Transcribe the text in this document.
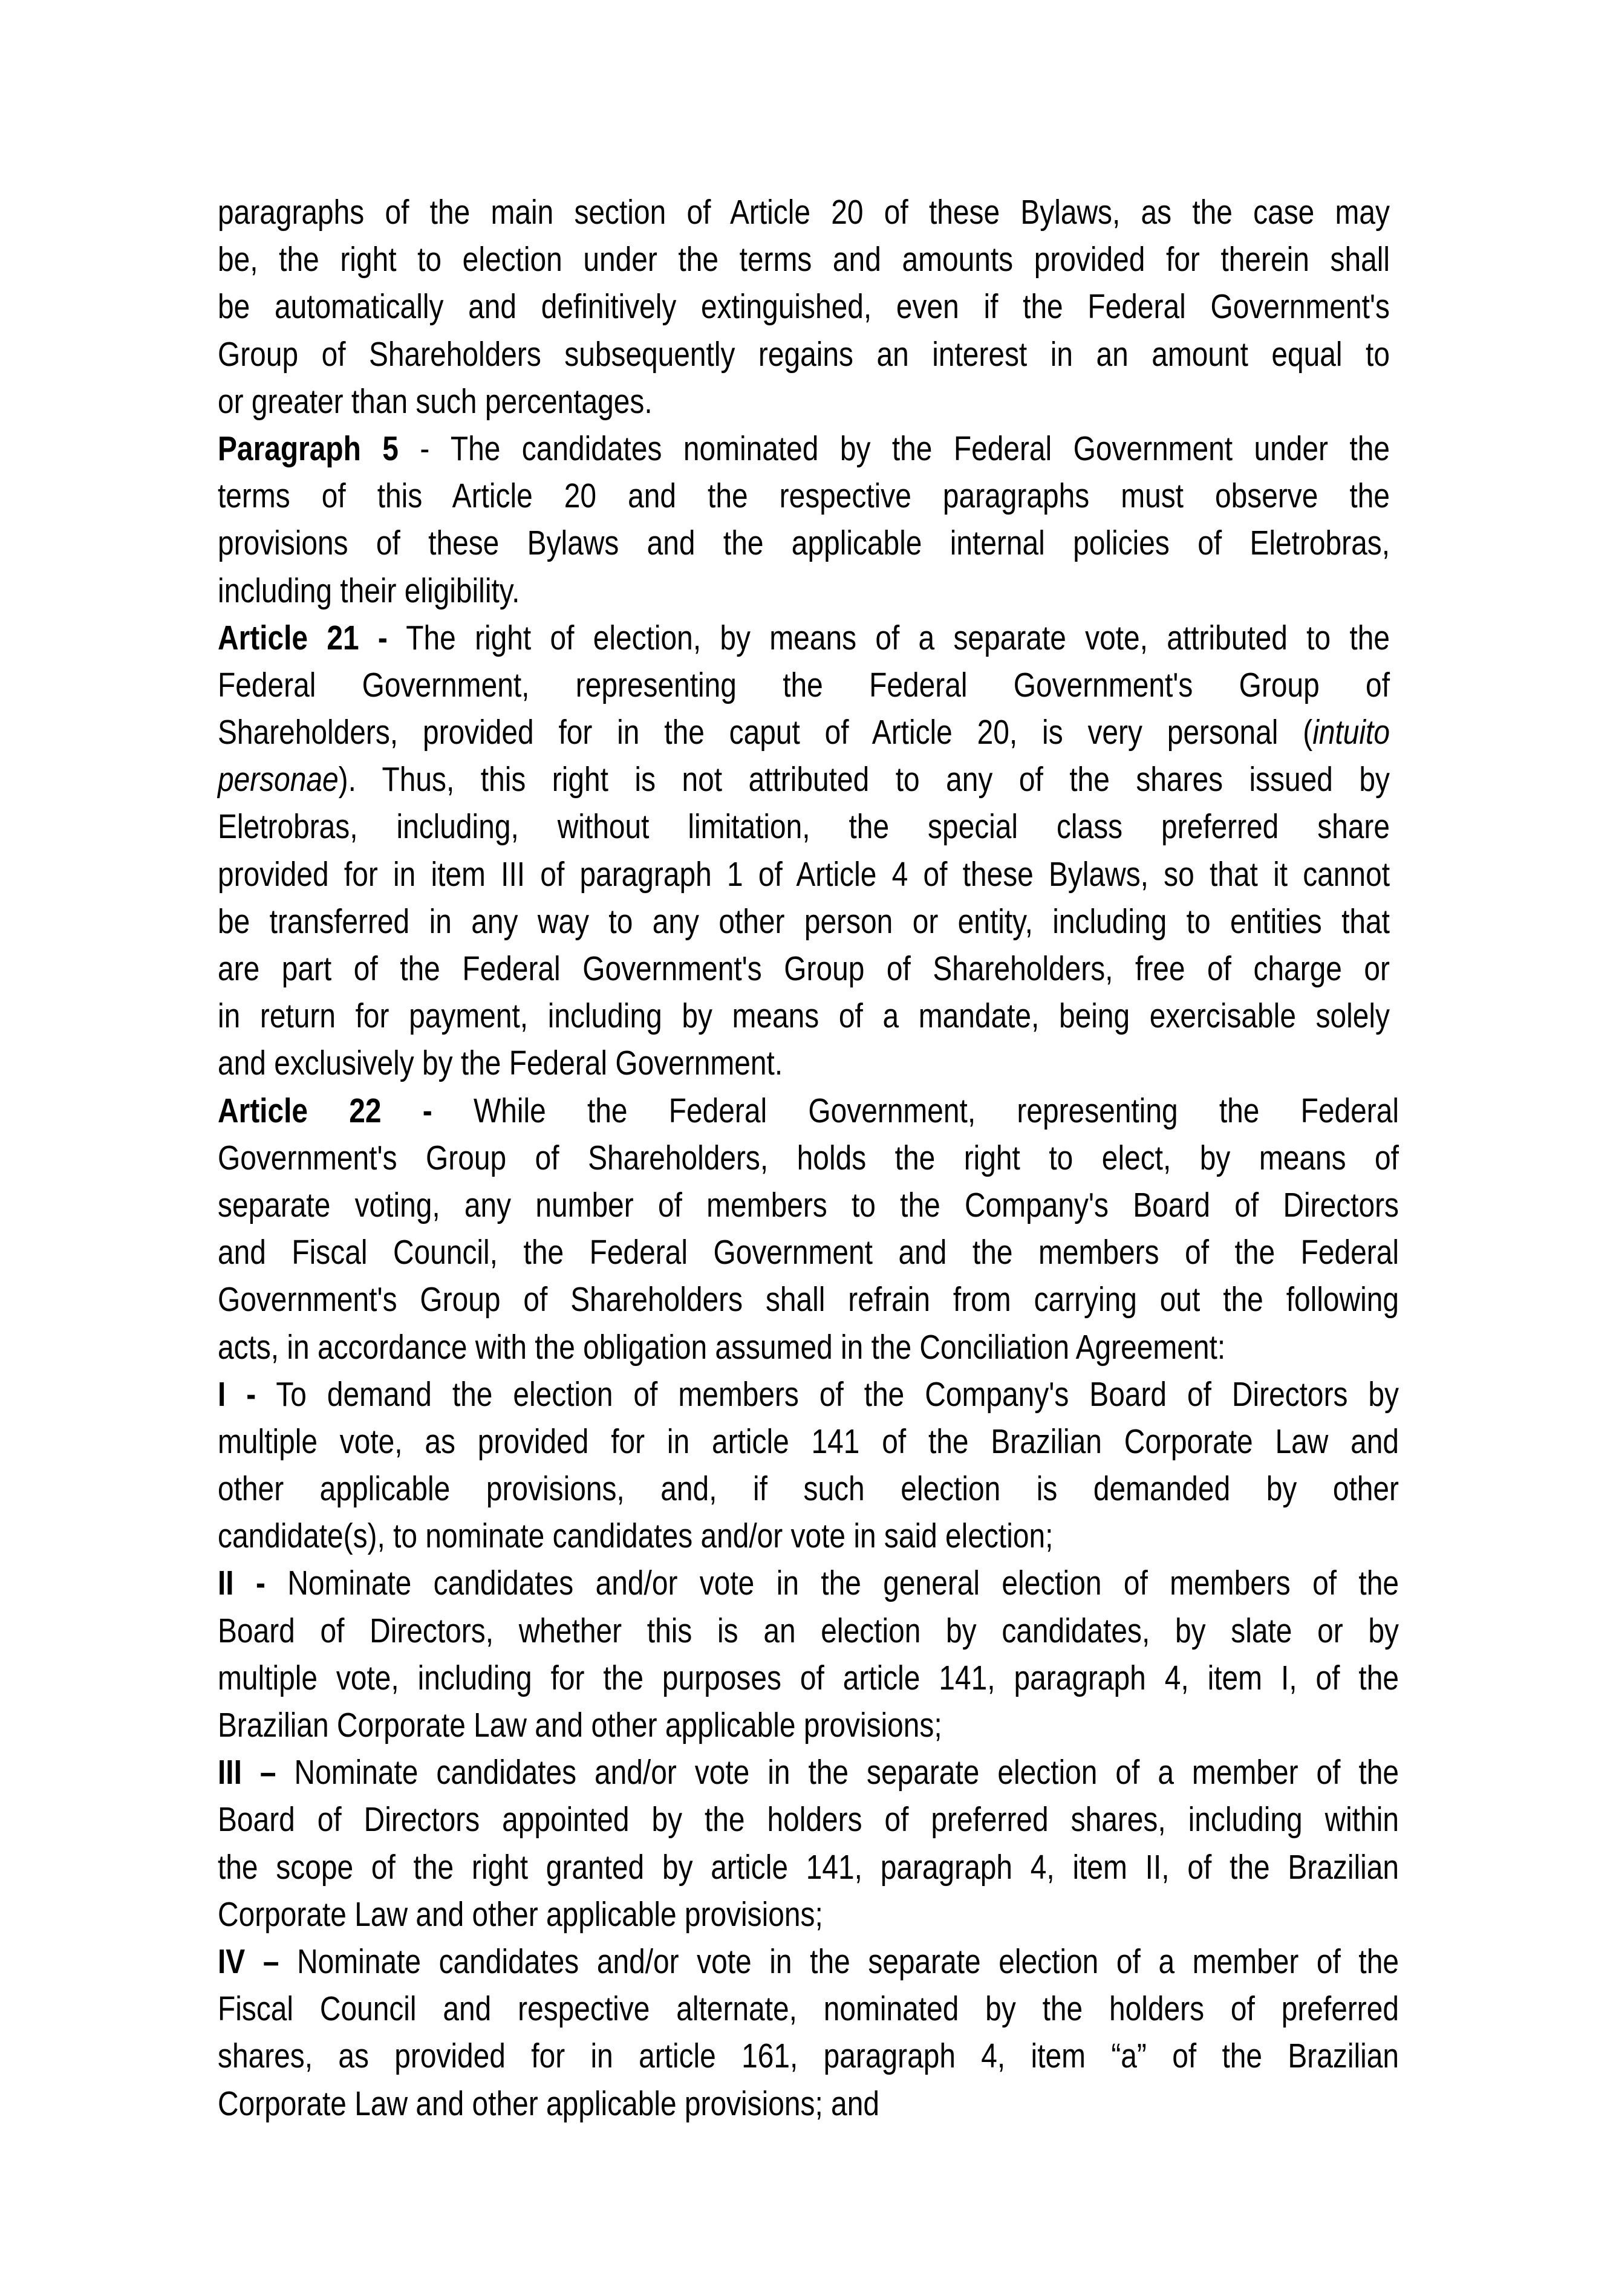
paragraphs of the main section of Article 20 of these Bylaws, as the case may
be, the right to election under the terms and amounts provided for therein shall
be automatically and definitively extinguished, even if the Federal Government's
Group of Shareholders subsequently regains an interest in an amount equal to
or greater than such percentages.
Paragraph 5 - The candidates nominated by the Federal Government under the
terms of this Article 20 and the respective paragraphs must observe the
provisions of these Bylaws and the applicable internal policies of Eletrobras,
including their eligibility.
Article 21 - The right of election, by means of a separate vote, attributed to the
Federal Government, representing the Federal Government's Group of
Shareholders, provided for in the caput of Article 20, is very personal (intuito
personae). Thus, this right is not attributed to any of the shares issued by
Eletrobras, including, without limitation, the special class preferred share
provided for in item III of paragraph 1 of Article 4 of these Bylaws, so that it cannot
be transferred in any way to any other person or entity, including to entities that
are part of the Federal Government's Group of Shareholders, free of charge or
in return for payment, including by means of a mandate, being exercisable solely
and exclusively by the Federal Government.
Article 22 - While the Federal Government, representing the Federal
Government's Group of Shareholders, holds the right to elect, by means of
separate voting, any number of members to the Company's Board of Directors
and Fiscal Council, the Federal Government and the members of the Federal
Government's Group of Shareholders shall refrain from carrying out the following
acts, in accordance with the obligation assumed in the Conciliation Agreement:
I - To demand the election of members of the Company's Board of Directors by
multiple vote, as provided for in article 141 of the Brazilian Corporate Law and
other applicable provisions, and, if such election is demanded by other
candidate(s), to nominate candidates and/or vote in said election;
II - Nominate candidates and/or vote in the general election of members of the
Board of Directors, whether this is an election by candidates, by slate or by
multiple vote, including for the purposes of article 141, paragraph 4, item I, of the
Brazilian Corporate Law and other applicable provisions;
III – Nominate candidates and/or vote in the separate election of a member of the
Board of Directors appointed by the holders of preferred shares, including within
the scope of the right granted by article 141, paragraph 4, item II, of the Brazilian
Corporate Law and other applicable provisions;
IV – Nominate candidates and/or vote in the separate election of a member of the
Fiscal Council and respective alternate, nominated by the holders of preferred
shares, as provided for in article 161, paragraph 4, item “a” of the Brazilian
Corporate Law and other applicable provisions; and
